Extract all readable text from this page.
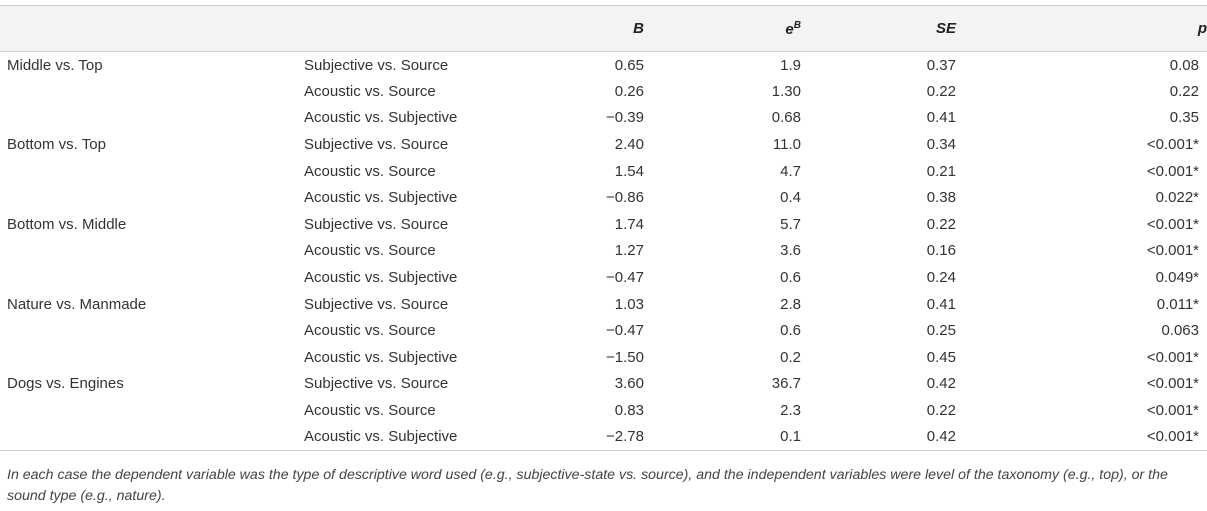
		B	$e^B$	SE	p
Middle vs. Top	Subjective vs. Source	0.65	1.9	0.37	0.08
	Acoustic vs. Source	0.26	1.30	0.22	0.22
	Acoustic vs. Subjective	−0.39	0.68	0.41	0.35
Bottom vs. Top	Subjective vs. Source	2.40	11.0	0.34	<0.001*
	Acoustic vs. Source	1.54	4.7	0.21	<0.001*
	Acoustic vs. Subjective	−0.86	0.4	0.38	0.022*
Bottom vs. Middle	Subjective vs. Source	1.74	5.7	0.22	<0.001*
	Acoustic vs. Source	1.27	3.6	0.16	<0.001*
	Acoustic vs. Subjective	−0.47	0.6	0.24	0.049*
Nature vs. Manmade	Subjective vs. Source	1.03	2.8	0.41	0.011*
	Acoustic vs. Source	−0.47	0.6	0.25	0.063
	Acoustic vs. Subjective	−1.50	0.2	0.45	<0.001*
Dogs vs. Engines	Subjective vs. Source	3.60	36.7	0.42	<0.001*
	Acoustic vs. Source	0.83	2.3	0.22	<0.001*
	Acoustic vs. Subjective	−2.78	0.1	0.42	<0.001*

In each case the dependent variable was the type of descriptive word used (e.g., subjective-state vs. source), and the independent variables were level of the taxonomy (e.g., top), or the sound type (e.g., nature).
